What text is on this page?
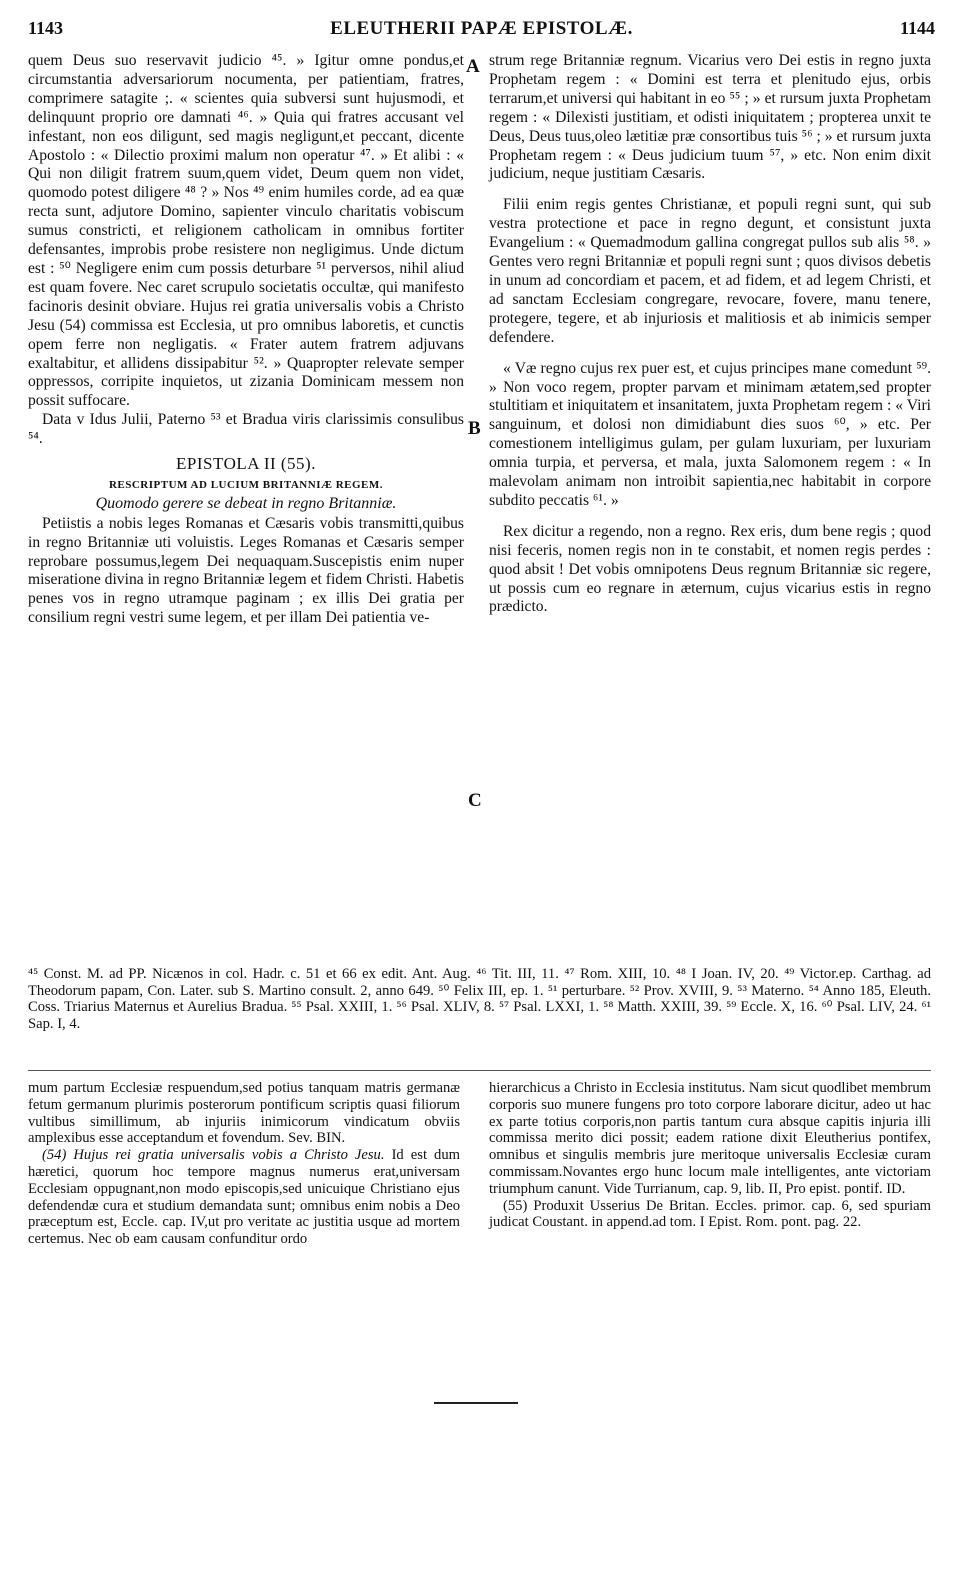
1143	ELEUTHERII PAPÆ EPISTOLÆ.	1144
A
B
C

quem Deus suo reservavit judicio ⁴⁵. » Igitur omne pondus,et circumstantia adversariorum nocumenta, per patientiam, fratres, comprimere satagite ;. « scientes quia subversi sunt hujusmodi, et delinquunt proprio ore damnati ⁴⁶. » Quia qui fratres accusant vel infestant, non eos diligunt, sed magis negligunt,et peccant, dicente Apostolo : « Dilectio proximi malum non operatur ⁴⁷. » Et alibi : « Qui non diligit fratrem suum,quem videt, Deum quem non videt, quomodo potest diligere ⁴⁸ ? » Nos ⁴⁹ enim humiles corde, ad ea quæ recta sunt, adjutore Domino, sapienter vinculo charitatis vobiscum sumus constricti, et religionem catholicam in omnibus fortiter defensantes, improbis probe resistere non negligimus. Unde dictum est : ⁵⁰ Negligere enim cum possis deturbare ⁵¹ perversos, nihil aliud est quam fovere. Nec caret scrupulo societatis occultæ, qui manifesto facinoris desinit obviare. Hujus rei gratia universalis vobis a Christo Jesu (54) commissa est Ecclesia, ut pro omnibus laboretis, et cunctis opem ferre non negligatis. « Frater autem fratrem adjuvans exaltabitur, et allidens dissipabitur ⁵². » Quapropter relevate semper oppressos, corripite inquietos, ut zizania Dominicam messem non possit suffocare.

Data v Idus Julii, Paterno ⁵³ et Bradua viris clarissimis consulibus ⁵⁴.

EPISTOLA II (55).
RESCRIPTUM AD LUCIUM BRITANNIÆ REGEM.
Quomodo gerere se debeat in regno Britanniæ.

Petiistis a nobis leges Romanas et Cæsaris vobis transmitti,quibus in regno Britanniæ uti voluistis. Leges Romanas et Cæsaris semper reprobare possumus,legem Dei nequaquam.Suscepistis enim nuper miseratione divina in regno Britanniæ legem et fidem Christi. Habetis penes vos in regno utramque paginam ; ex illis Dei gratia per consilium regni vestri sume legem, et per illam Dei patientia ve-

strum rege Britanniæ regnum. Vicarius vero Dei estis in regno juxta Prophetam regem : « Domini est terra et plenitudo ejus, orbis terrarum,et universi qui habitant in eo ⁵⁵ ; » et rursum juxta Prophetam regem : « Dilexisti justitiam, et odisti iniquitatem ; propterea unxit te Deus, Deus tuus,oleo lætitiæ præ consortibus tuis ⁵⁶ ; » et rursum juxta Prophetam regem : « Deus judicium tuum ⁵⁷, » etc. Non enim dixit judicium, neque justitiam Cæsaris.

Filii enim regis gentes Christianæ, et populi regni sunt, qui sub vestra protectione et pace in regno degunt, et consistunt juxta Evangelium : « Quemadmodum gallina congregat pullos sub alis ⁵⁸. » Gentes vero regni Britanniæ et populi regni sunt ; quos divisos debetis in unum ad concordiam et pacem, et ad fidem, et ad legem Christi, et ad sanctam Ecclesiam congregare, revocare, fovere, manu tenere, protegere, tegere, et ab injuriosis et malitiosis et ab inimicis semper defendere.

« Væ regno cujus rex puer est, et cujus principes mane comedunt ⁵⁹. » Non voco regem, propter parvam et minimam ætatem,sed propter stultitiam et iniquitatem et insanitatem, juxta Prophetam regem : « Viri sanguinum, et dolosi non dimidiabunt dies suos ⁶⁰, » etc. Per comestionem intelligimus gulam, per gulam luxuriam, per luxuriam omnia turpia, et perversa, et mala, juxta Salomonem regem : « In malevolam animam non introibit sapientia,nec habitabit in corpore subdito peccatis ⁶¹. »

Rex dicitur a regendo, non a regno. Rex eris, dum bene regis ; quod nisi feceris, nomen regis non in te constabit, et nomen regis perdes : quod absit ! Det vobis omnipotens Deus regnum Britanniæ sic regere, ut possis cum eo regnare in æternum, cujus vicarius estis in regno prædicto.

⁴⁵ Const. M. ad PP. Nicænos in col. Hadr. c. 51 et 66 ex edit. Ant. Aug. ⁴⁶ Tit. III, 11. ⁴⁷ Rom. XIII, 10. ⁴⁸ I Joan. IV, 20. ⁴⁹ Victor.ep. Carthag. ad Theodorum papam, Con. Later. sub S. Martino consult. 2, anno 649. ⁵⁰ Felix III, ep. 1. ⁵¹ perturbare. ⁵² Prov. XVIII, 9. ⁵³ Materno. ⁵⁴ Anno 185, Eleuth. Coss. Triarius Maternus et Aurelius Bradua. ⁵⁵ Psal. XXIII, 1. ⁵⁶ Psal. XLIV, 8. ⁵⁷ Psal. LXXI, 1. ⁵⁸ Matth. XXIII, 39. ⁵⁹ Eccle. X, 16. ⁶⁰ Psal. LIV, 24. ⁶¹ Sap. I, 4.

mum partum Ecclesiæ respuendum,sed potius tanquam matris germanæ fetum germanum plurimis posterorum pontificum scriptis quasi filiorum vultibus simillimum, ab injuriis inimicorum vindicatum obviis amplexibus esse acceptandum et fovendum. Sev. BIN.

(54) Hujus rei gratia universalis vobis a Christo Jesu. Id est dum hæretici, quorum hoc tempore magnus numerus erat,universam Ecclesiam oppugnant,non modo episcopis,sed unicuique Christiano ejus defendendæ cura et studium demandata sunt; omnibus enim nobis a Deo præceptum est, Eccle. cap. IV,ut pro veritate ac justitia usque ad mortem certemus. Nec ob eam causam confunditur ordo

hierarchicus a Christo in Ecclesia institutus. Nam sicut quodlibet membrum corporis suo munere fungens pro toto corpore laborare dicitur, adeo ut hac ex parte totius corporis,non partis tantum cura absque capitis injuria illi commissa merito dici possit; eadem ratione dixit Eleutherius pontifex, omnibus et singulis membris jure meritoque universalis Ecclesiæ curam commissam.Novantes ergo hunc locum male intelligentes, ante victoriam triumphum canunt. Vide Turrianum, cap. 9, lib. II, Pro epist. pontif. ID.

(55) Produxit Usserius De Britan. Eccles. primor. cap. 6, sed spuriam judicat Coustant. in append.ad tom. I Epist. Rom. pont. pag. 22.
